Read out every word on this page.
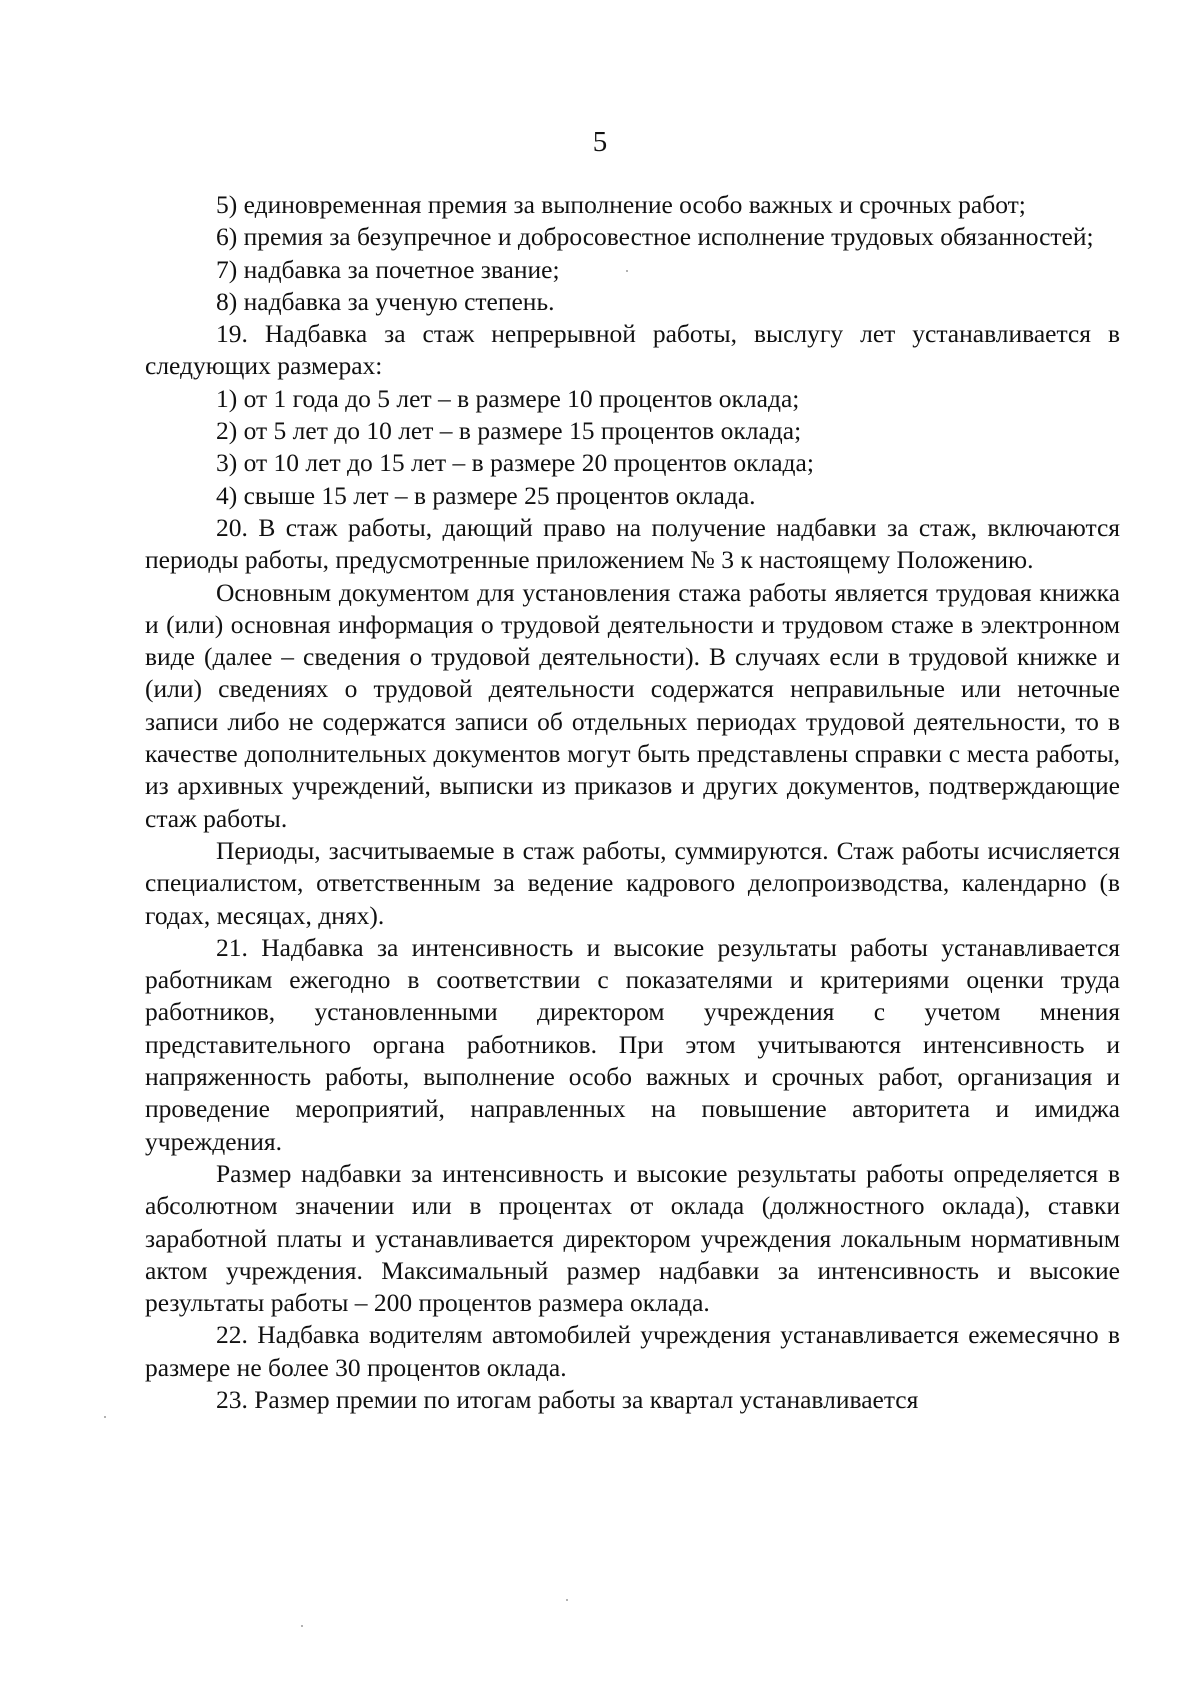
5

5) единовременная премия за выполнение особо важных и срочных работ;

6) премия за безупречное и добросовестное исполнение трудовых обязанностей;

7) надбавка за почетное звание;

8) надбавка за ученую степень.

19. Надбавка за стаж непрерывной работы, выслугу лет устанавливается в следующих размерах:

1) от 1 года до 5 лет – в размере 10 процентов оклада;

2) от 5 лет до 10 лет – в размере 15 процентов оклада;

3) от 10 лет до 15 лет – в размере 20 процентов оклада;

4) свыше 15 лет – в размере 25 процентов оклада.

20. В стаж работы, дающий право на получение надбавки за стаж, включаются периоды работы, предусмотренные приложением № 3 к настоящему Положению.

Основным документом для установления стажа работы является трудовая книжка и (или) основная информация о трудовой деятельности и трудовом стаже в электронном виде (далее – сведения о трудовой деятельности). В случаях если в трудовой книжке и (или) сведениях о трудовой деятельности содержатся неправильные или неточные записи либо не содержатся записи об отдельных периодах трудовой деятельности, то в качестве дополнительных документов могут быть представлены справки с места работы, из архивных учреждений, выписки из приказов и других документов, подтверждающие стаж работы.

Периоды, засчитываемые в стаж работы, суммируются. Стаж работы исчисляется специалистом, ответственным за ведение кадрового делопроизводства, календарно (в годах, месяцах, днях).

21. Надбавка за интенсивность и высокие результаты работы устанавливается работникам ежегодно в соответствии с показателями и критериями оценки труда работников, установленными директором учреждения с учетом мнения представительного органа работников. При этом учитываются интенсивность и напряженность работы, выполнение особо важных и срочных работ, организация и проведение мероприятий, направленных на повышение авторитета и имиджа учреждения.

Размер надбавки за интенсивность и высокие результаты работы определяется в абсолютном значении или в процентах от оклада (должностного оклада), ставки заработной платы и устанавливается директором учреждения локальным нормативным актом учреждения. Максимальный размер надбавки за интенсивность и высокие результаты работы – 200 процентов размера оклада.

22. Надбавка водителям автомобилей учреждения устанавливается ежемесячно в размере не более 30 процентов оклада.

23. Размер премии по итогам работы за квартал устанавливается
